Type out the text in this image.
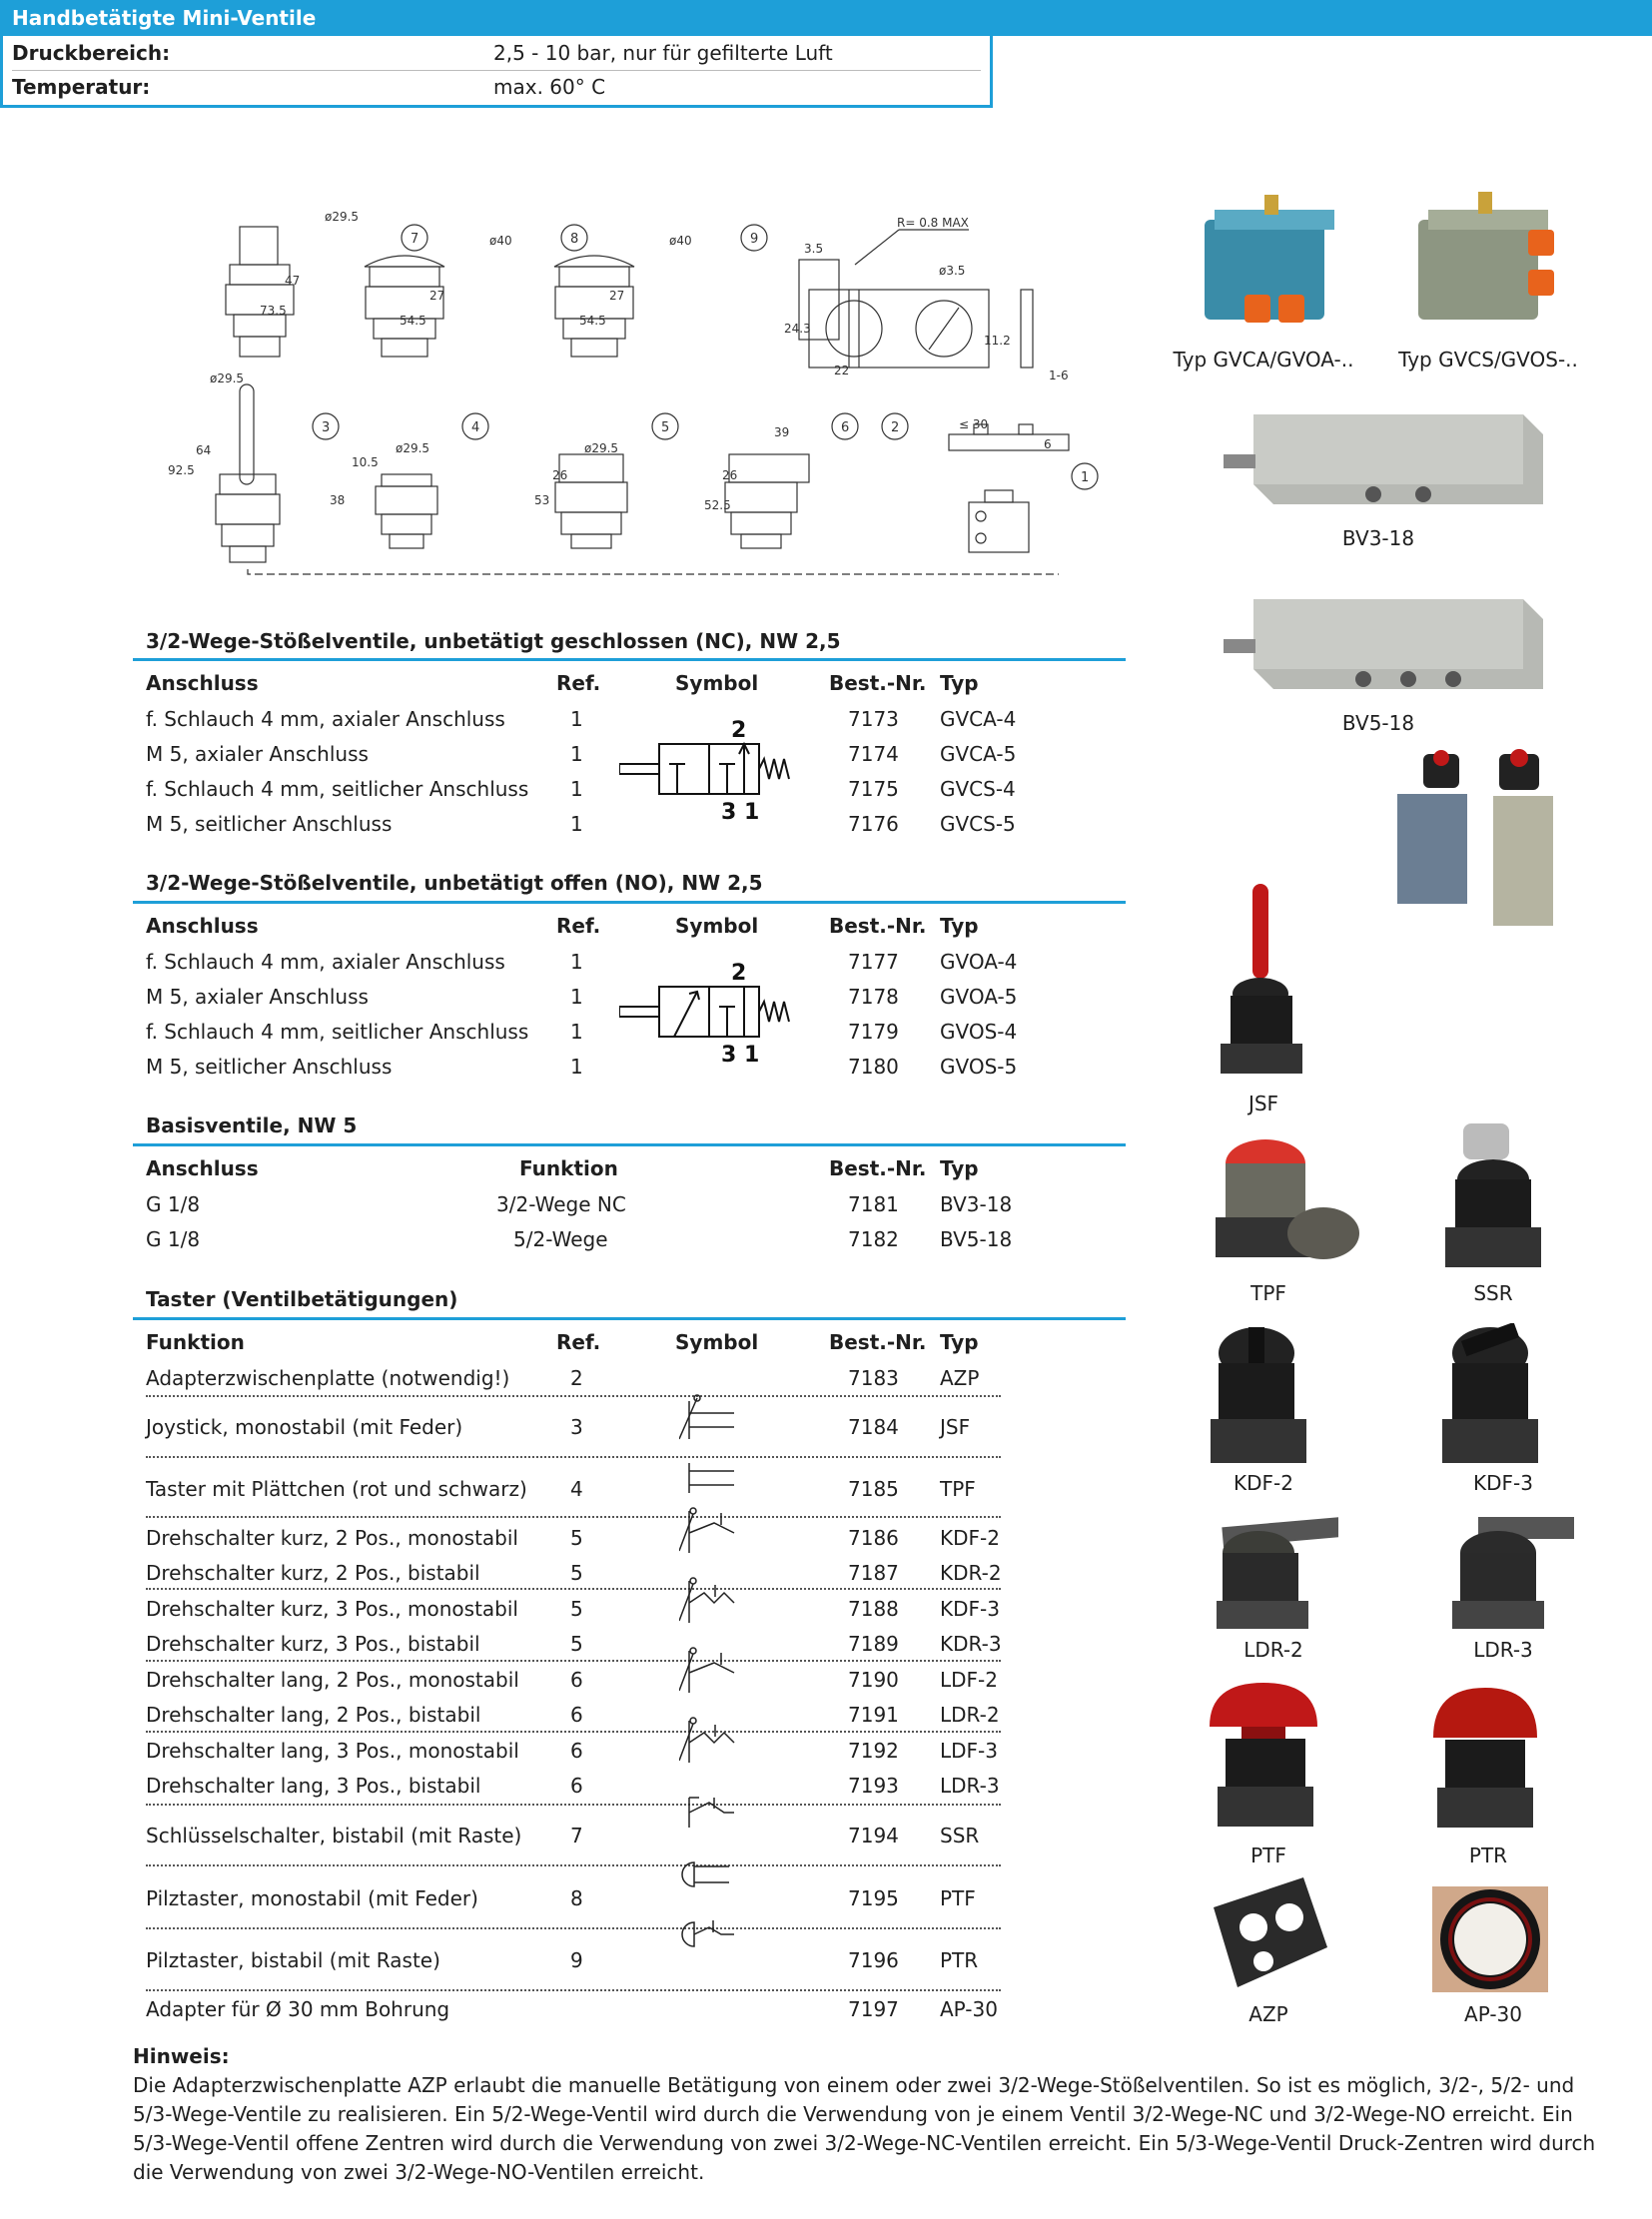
Handbetätigte Mini-Ventile
Druckbereich:	2,5 - 10 bar, nur für gefilterte Luft
Temperatur:	max. 60° C
7	8	9
3	4	5	6	2
1
ø29.5
ø40	ø40
R= 0.8 MAX
3.5
ø3.5
24.3
22
11.2
1-6
73.5
47
54.5
27
54.5
27
ø29.5
92.5
64
10.5
38
ø29.5
53
26
ø29.5
39
52.5
26
≤ 30
6
3/2-Wege-Stößelventile, unbetätigt geschlossen (NC), NW 2,5
Anschluss	Ref.	Symbol	Best.-Nr. Typ
f. Schlauch 4 mm, axialer Anschluss	1	7173 GVCA-4
M 5, axialer Anschluss	1	7174 GVCA-5
f. Schlauch 4 mm, seitlicher Anschluss 1	7175 GVCS-4
M 5, seitlicher Anschluss	1	7176 GVCS-5
2
3 1
3/2-Wege-Stößelventile, unbetätigt offen (NO), NW 2,5
Anschluss	Ref.	Symbol	Best.-Nr. Typ
f. Schlauch 4 mm, axialer Anschluss	1	7177 GVOA-4
M 5, axialer Anschluss	1	7178 GVOA-5
f. Schlauch 4 mm, seitlicher Anschluss 1	7179 GVOS-4
M 5, seitlicher Anschluss	1	7180 GVOS-5
2
3 1
Basisventile, NW 5
Anschluss	Funktion	Best.-Nr. Typ
G 1/8	3/2-Wege NC	7181 BV3-18
G 1/8	5/2-Wege	7182 BV5-18
Taster (Ventilbetätigungen)
Funktion	Ref.	Symbol	Best.-Nr. Typ
Adapterzwischenplatte (notwendig!)	2	7183 AZP
Joystick, monostabil (mit Feder)	3	7184 JSF
Taster mit Plättchen (rot und schwarz) 4	7185 TPF
Drehschalter kurz, 2 Pos., monostabil	5	7186 KDF-2
Drehschalter kurz, 2 Pos., bistabil	5	7187 KDR-2
Drehschalter kurz, 3 Pos., monostabil	5	7188 KDF-3
Drehschalter kurz, 3 Pos., bistabil	5	7189 KDR-3
Drehschalter lang, 2 Pos., monostabil	6	7190 LDF-2
Drehschalter lang, 2 Pos., bistabil	6	7191 LDR-2
Drehschalter lang, 3 Pos., monostabil	6	7192 LDF-3
Drehschalter lang, 3 Pos., bistabil	6	7193 LDR-3
Schlüsselschalter, bistabil (mit Raste) 7	7194 SSR
Pilztaster, monostabil (mit Feder)	8	7195 PTF
Pilztaster, bistabil (mit Raste)	9	7196 PTR
Adapter für Ø 30 mm Bohrung	7197 AP-30
Typ GVCA/GVOA-..	Typ GVCS/GVOS-..
BV3-18
BV5-18
JSF
TPF	SSR
KDF-2	KDF-3
LDR-2	LDR-3
PTF	PTR
AZP	AP-30
Hinweis:
Die Adapterzwischenplatte AZP erlaubt die manuelle Betätigung von einem oder zwei 3/2-Wege-Stößelventilen. So ist es möglich, 3/2-, 5/2- und 5/3-Wege-Ventile zu realisieren. Ein 5/2-Wege-Ventil wird durch die Verwendung von je einem Ventil 3/2-Wege-NC und 3/2-Wege-NO erreicht. Ein 5/3-Wege-Ventil offene Zentren wird durch die Verwendung von zwei 3/2-Wege-NC-Ventilen erreicht. Ein 5/3-Wege-Ventil Druck-Zentren wird durch die Verwendung von zwei 3/2-Wege-NO-Ventilen erreicht.
